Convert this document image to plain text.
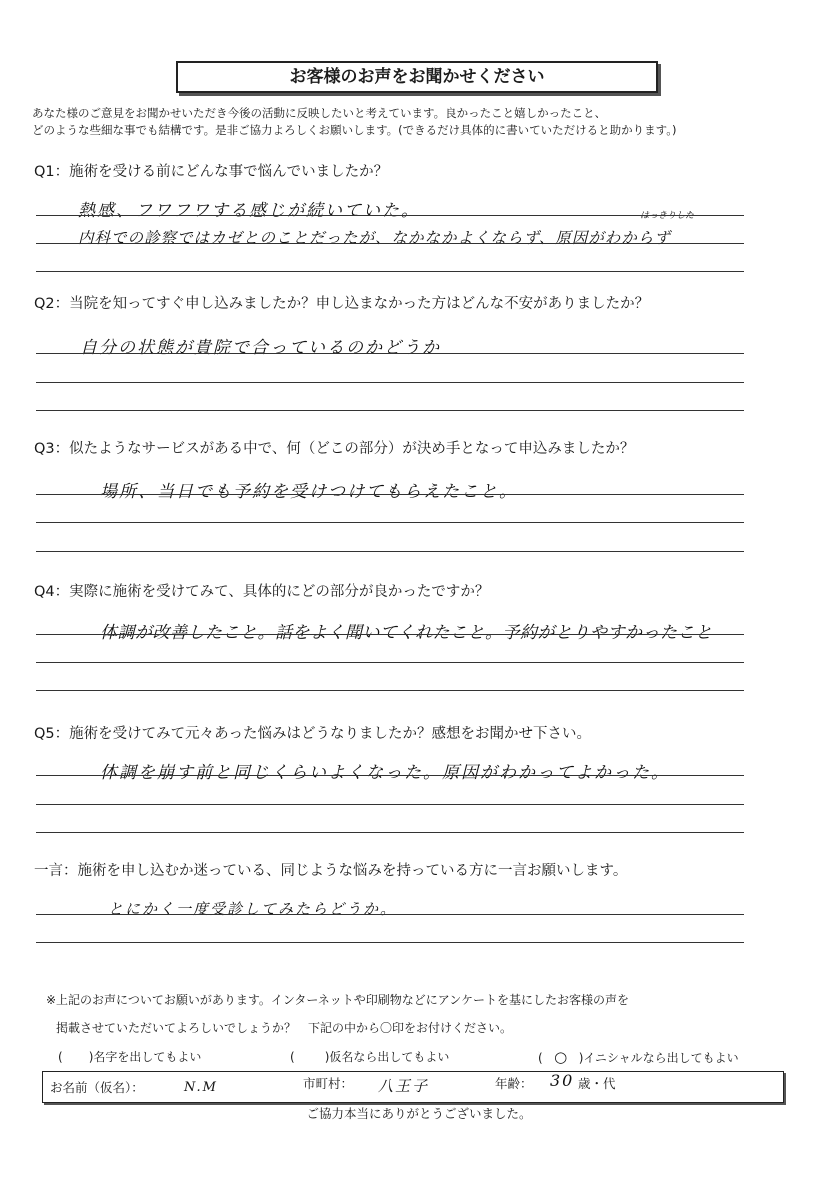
お客様のお声をお聞かせください
あなた様のご意見をお聞かせいただき今後の活動に反映したいと考えています。良かったこと嬉しかったこと、
どのような些細な事でも結構です。是非ご協力よろしくお願いします。(できるだけ具体的に書いていただけると助かります。)
Q1：施術を受ける前にどんな事で悩んでいましたか？
熱感、フワフワする感じが続いていた。	はっきりした
内科での診察ではカゼとのことだったが、なかなかよくならず、原因がわからず
Q2：当院を知ってすぐ申し込みましたか？申し込まなかった方はどんな不安がありましたか？
自分の状態が貴院で合っているのかどうか
Q3：似たようなサービスがある中で、何（どこの部分）が決め手となって申込みましたか？
場所、当日でも予約を受けつけてもらえたこと。
Q4：実際に施術を受けてみて、具体的にどの部分が良かったですか？
体調が改善したこと。話をよく聞いてくれたこと。予約がとりやすかったこと
Q5：施術を受けてみて元々あった悩みはどうなりましたか？感想をお聞かせ下さい。
体調を崩す前と同じくらいよくなった。原因がわかってよかった。
一言：施術を申し込むか迷っている、同じような悩みを持っている方に一言お願いします。
とにかく一度受診してみたらどうか。
※上記のお声についてお願いがあります。インターネットや印刷物などにアンケートを基にしたお客様の声を
掲載させていただいてよろしいでしょうか？　下記の中から〇印をお付けください。
( )名字を出してもよい	(	)仮名なら出してもよい	( ○ )イニシャルなら出してもよい
お名前（仮名）：	N.M	市町村： 八王子	年齢： 30 歳・代
ご協力本当にありがとうございました。
